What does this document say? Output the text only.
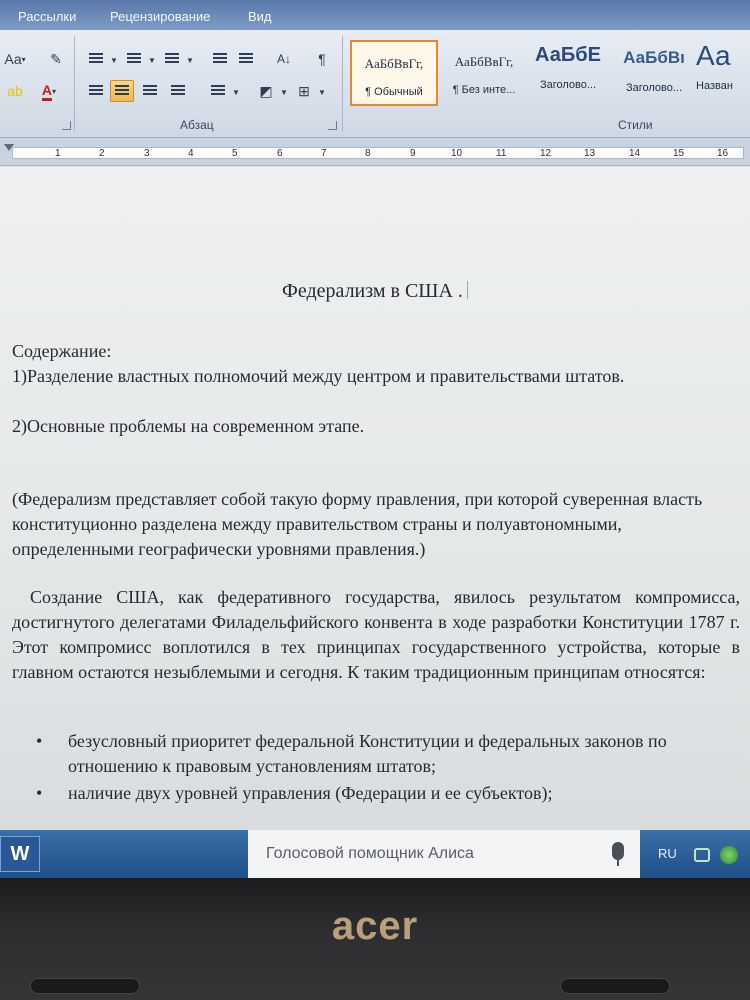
Рассылки	Рецензирование	Вид
Аа ▾	✎
ab A ▾
▼	▼	▼	А↓ ¶
▼ ◩ ▼ ⊞ ▼
Абзац
АаБбВвГг,
¶ Обычный
АаБбВвГг,
¶ Без инте...
АаБбЕ
Заголово...
АаБбВı
Заголово...
Аа
Назван
Стили
1	2	3	4	5	6	7	8	9	10	11	12	13	14	15	16
Федерализм в США .
Содержание:
1)Разделение властных полномочий между центром и правительствами штатов.
2)Основные проблемы на современном этапе.
(Федерализм представляет собой такую форму правления, при которой суверенная власть конституционно разделена между правительством страны и полуавтономными, определенными географически уровнями правления.)
Создание США, как федеративного государства, явилось результатом компромисса, достигнутого делегатами Филадельфийского конвента в ходе разработки Конституции 1787 г. Этот компромисс воплотился в тех принципах государственного устройства, которые в главном остаются незыблемыми и сегодня. К таким традиционным принципам относятся:
• безусловный приоритет федеральной Конституции и федеральных законов по отношению к правовым установлениям штатов;
• наличие двух уровней управления (Федерации и ее субъектов);
W	Голосовой помощник Алиса	RU
acer
